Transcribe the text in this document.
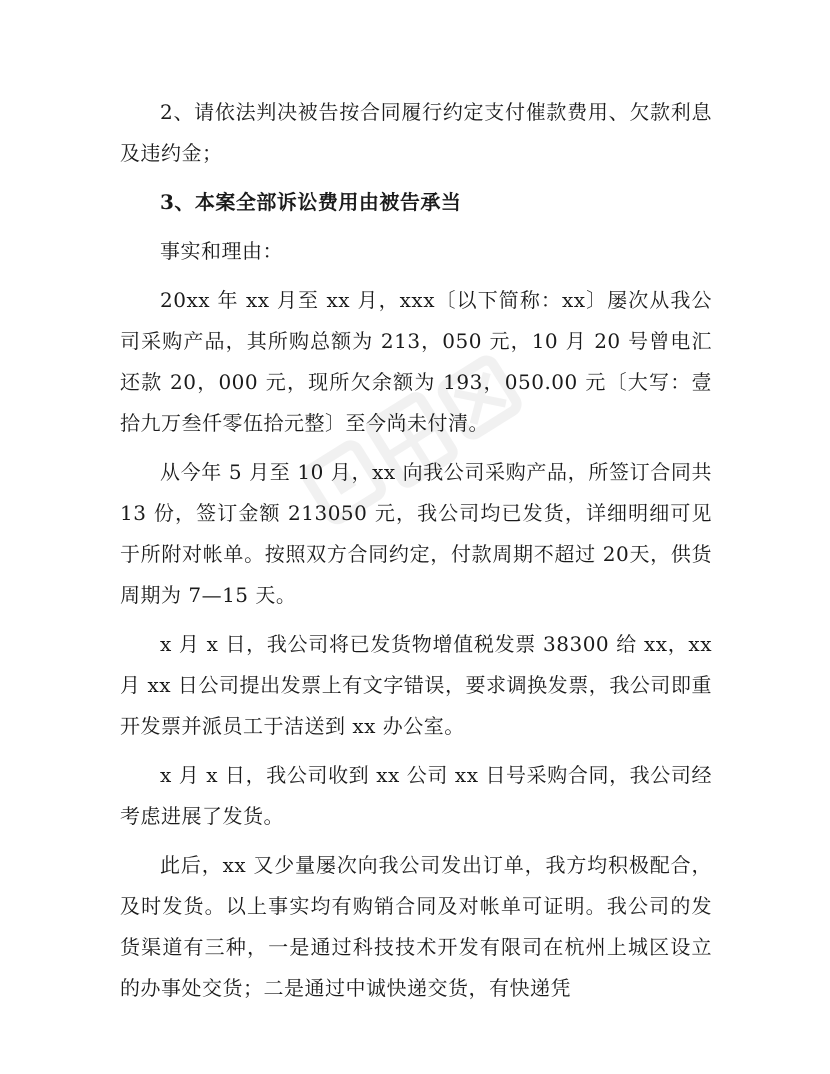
2、请依法判决被告按合同履行约定支付催款费用、欠款利息及违约金；

3、本案全部诉讼费用由被告承当

事实和理由：

20xx 年 xx 月至 xx 月，xxx〔以下简称：xx〕屡次从我公司采购产品，其所购总额为 213，050 元，10 月 20 号曾电汇还款 20，000 元，现所欠余额为 193，050.00 元〔大写：壹拾九万叁仟零伍拾元整〕至今尚未付清。

从今年 5 月至 10 月，xx 向我公司采购产品，所签订合同共 13 份，签订金额 213050 元，我公司均已发货，详细明细可见于所附对帐单。按照双方合同约定，付款周期不超过 20天，供货周期为 7—15 天。

x 月 x 日，我公司将已发货物增值税发票 38300 给 xx，xx月 xx 日公司提出发票上有文字错误，要求调换发票，我公司即重开发票并派员工于洁送到 xx 办公室。

x 月 x 日，我公司收到 xx 公司 xx 日号采购合同，我公司经考虑进展了发货。

此后，xx 又少量屡次向我公司发出订单，我方均积极配合，及时发货。以上事实均有购销合同及对帐单可证明。我公司的发货渠道有三种，一是通过科技技术开发有限司在杭州上城区设立的办事处交货；二是通过中诚快递交货，有快递凭
